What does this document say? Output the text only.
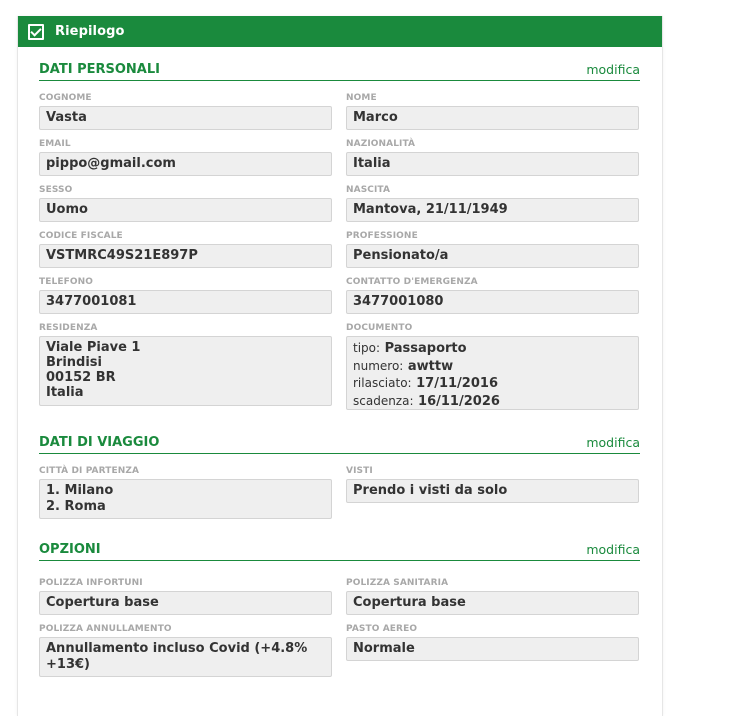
Riepilogo
DATI PERSONALI	modifica
COGNOME
Vasta
NOME
Marco
EMAIL
pippo@gmail.com
NAZIONALITÀ
Italia
SESSO
Uomo
NASCITA
Mantova, 21/11/1949
CODICE FISCALE
VSTMRC49S21E897P
PROFESSIONE
Pensionato/a
TELEFONO
3477001081
CONTATTO D'EMERGENZA
3477001080
RESIDENZA
Viale Piave 1
Brindisi
00152 BR
Italia
DOCUMENTO
tipo: Passaporto
numero: awttw
rilasciato: 17/11/2016
scadenza: 16/11/2026
DATI DI VIAGGIO	modifica
CITTÀ DI PARTENZA
1. Milano
2. Roma
VISTI
Prendo i visti da solo
OPZIONI	modifica
POLIZZA INFORTUNI
Copertura base
POLIZZA SANITARIA
Copertura base
POLIZZA ANNULLAMENTO
Annullamento incluso Covid (+4.8% +13€)
PASTO AEREO
Normale
